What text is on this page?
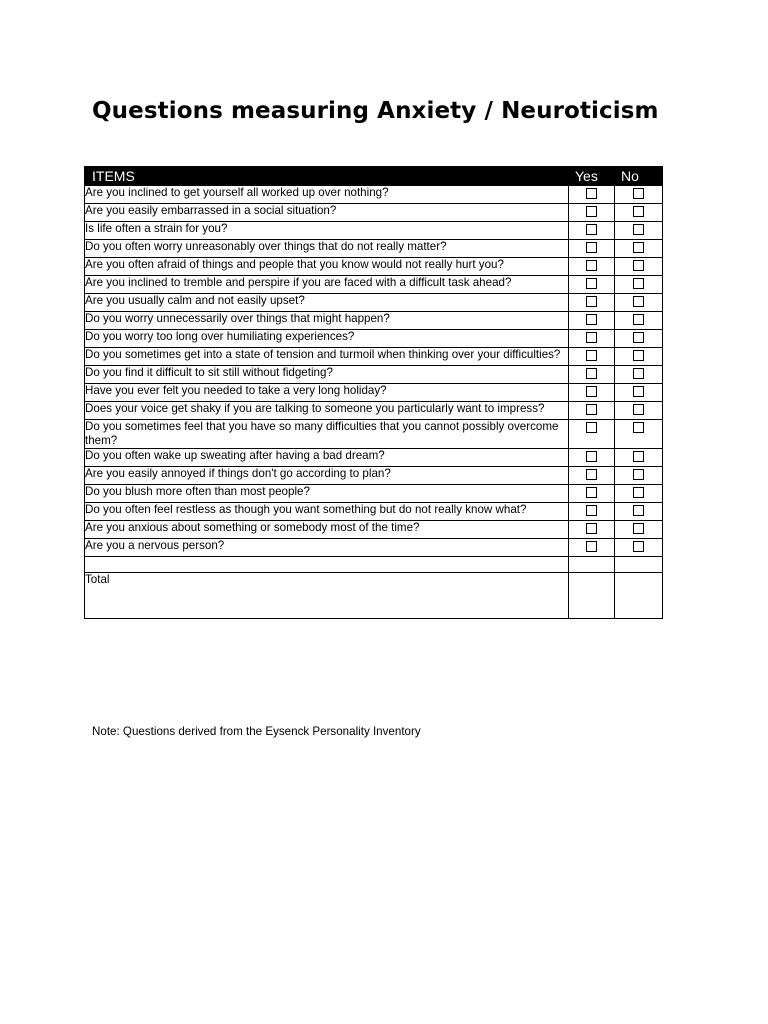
Questions measuring Anxiety / Neuroticism
ITEMS	Yes	No
Are you inclined to get yourself all worked up over nothing?		
Are you easily embarrassed in a social situation?		
Is life often a strain for you?		
Do you often worry unreasonably over things that do not really matter?		
Are you often afraid of things and people that you know would not really hurt you?		
Are you inclined to tremble and perspire if you are faced with a difficult task ahead?		
Are you usually calm and not easily upset?		
Do you worry unnecessarily over things that might happen?		
Do you worry too long over humiliating experiences?		
Do you sometimes get into a state of tension and turmoil when thinking over your difficulties?		
Do you find it difficult to sit still without fidgeting?		
Have you ever felt you needed to take a very long holiday?		
Does your voice get shaky if you are talking to someone you particularly want to impress?		
Do you sometimes feel that you have so many difficulties that you cannot possibly overcome them?		
Do you often wake up sweating after having a bad dream?		
Are you easily annoyed if things don't go according to plan?		
Do you blush more often than most people?		
Do you often feel restless as though you want something but do not really know what?		
Are you anxious about something or somebody most of the time?		
Are you a nervous person?		

Total		
Note: Questions derived from the Eysenck Personality Inventory
